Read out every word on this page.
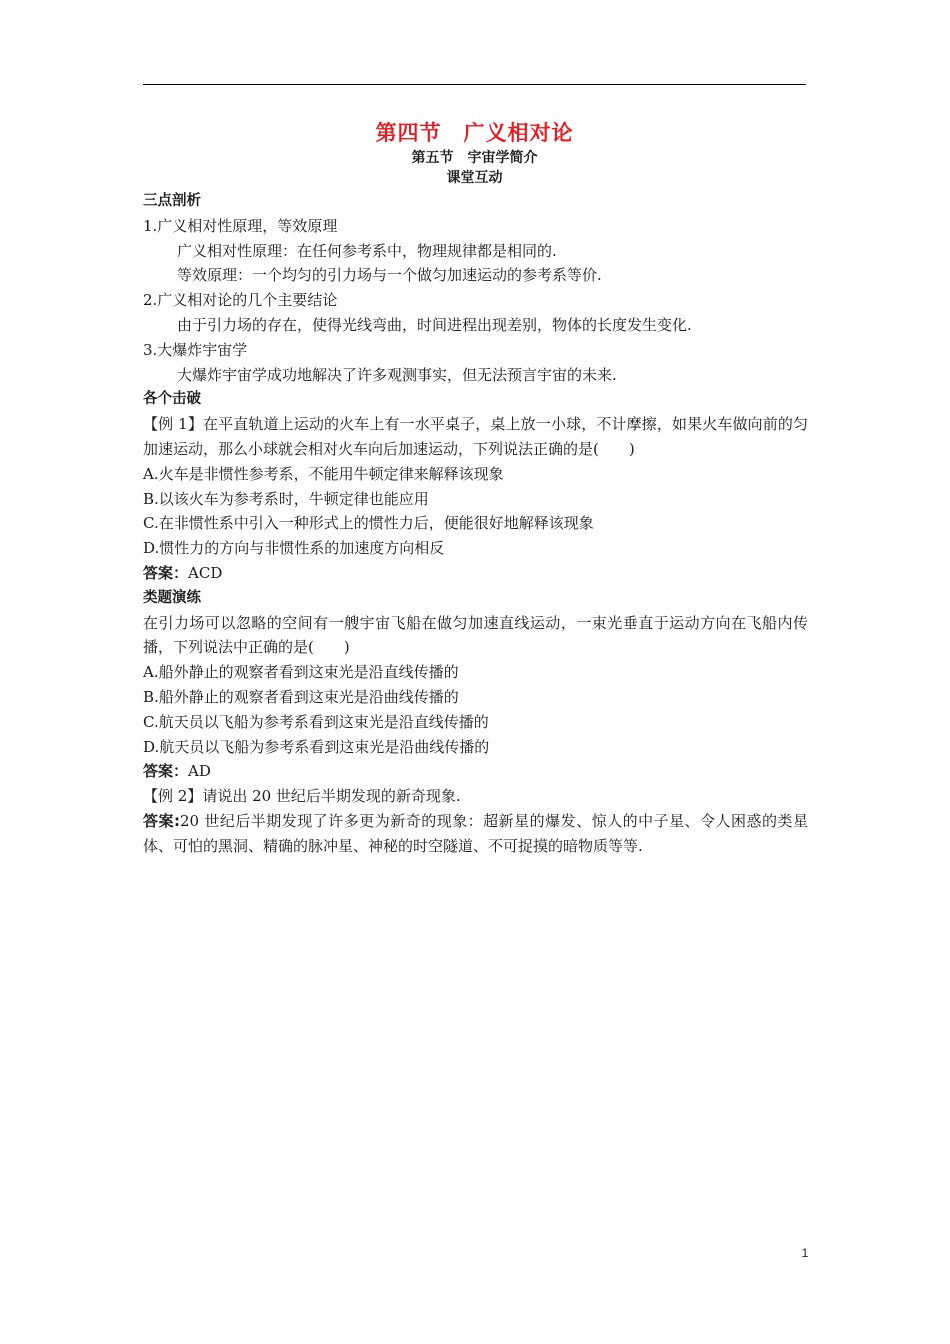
第四节　广义相对论
第五节　宇宙学简介
课堂互动
三点剖析
1.广义相对性原理，等效原理
广义相对性原理：在任何参考系中，物理规律都是相同的.
等效原理：一个均匀的引力场与一个做匀加速运动的参考系等价.
2.广义相对论的几个主要结论
由于引力场的存在，使得光线弯曲，时间进程出现差别，物体的长度发生变化.
3.大爆炸宇宙学
大爆炸宇宙学成功地解决了许多观测事实，但无法预言宇宙的未来.
各个击破
【例 1】在平直轨道上运动的火车上有一水平桌子，桌上放一小球，不计摩擦，如果火车做向前的匀加速运动，那么小球就会相对火车向后加速运动，下列说法正确的是(　　)
A.火车是非惯性参考系，不能用牛顿定律来解释该现象
B.以该火车为参考系时，牛顿定律也能应用
C.在非惯性系中引入一种形式上的惯性力后，便能很好地解释该现象
D.惯性力的方向与非惯性系的加速度方向相反
答案：ACD
类题演练
在引力场可以忽略的空间有一艘宇宙飞船在做匀加速直线运动，一束光垂直于运动方向在飞船内传播，下列说法中正确的是(　　)
A.船外静止的观察者看到这束光是沿直线传播的
B.船外静止的观察者看到这束光是沿曲线传播的
C.航天员以飞船为参考系看到这束光是沿直线传播的
D.航天员以飞船为参考系看到这束光是沿曲线传播的
答案：AD
【例 2】请说出 20 世纪后半期发现的新奇现象.
答案:20 世纪后半期发现了许多更为新奇的现象：超新星的爆发、惊人的中子星、令人困惑的类星体、可怕的黑洞、精确的脉冲星、神秘的时空隧道、不可捉摸的暗物质等等.
1
